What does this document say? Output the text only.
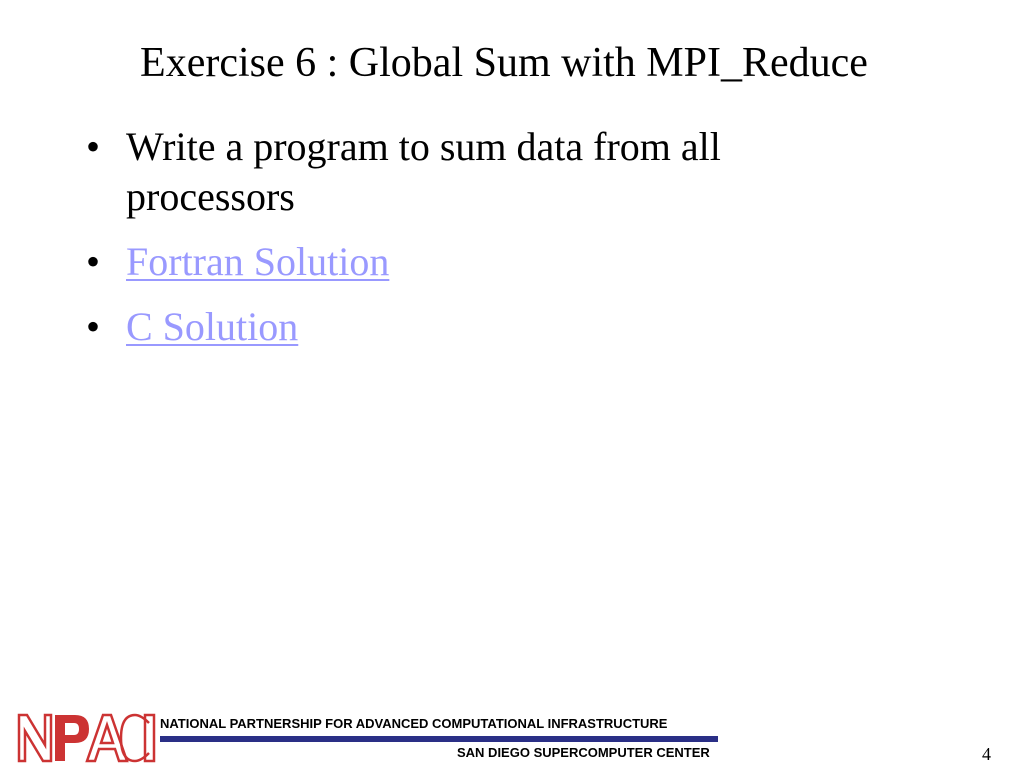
Exercise 6 : Global Sum with MPI_Reduce
• Write a program to sum data from all processors
• Fortran Solution
• C Solution
NATIONAL PARTNERSHIP FOR ADVANCED COMPUTATIONAL INFRASTRUCTURE
SAN DIEGO SUPERCOMPUTER CENTER	4
